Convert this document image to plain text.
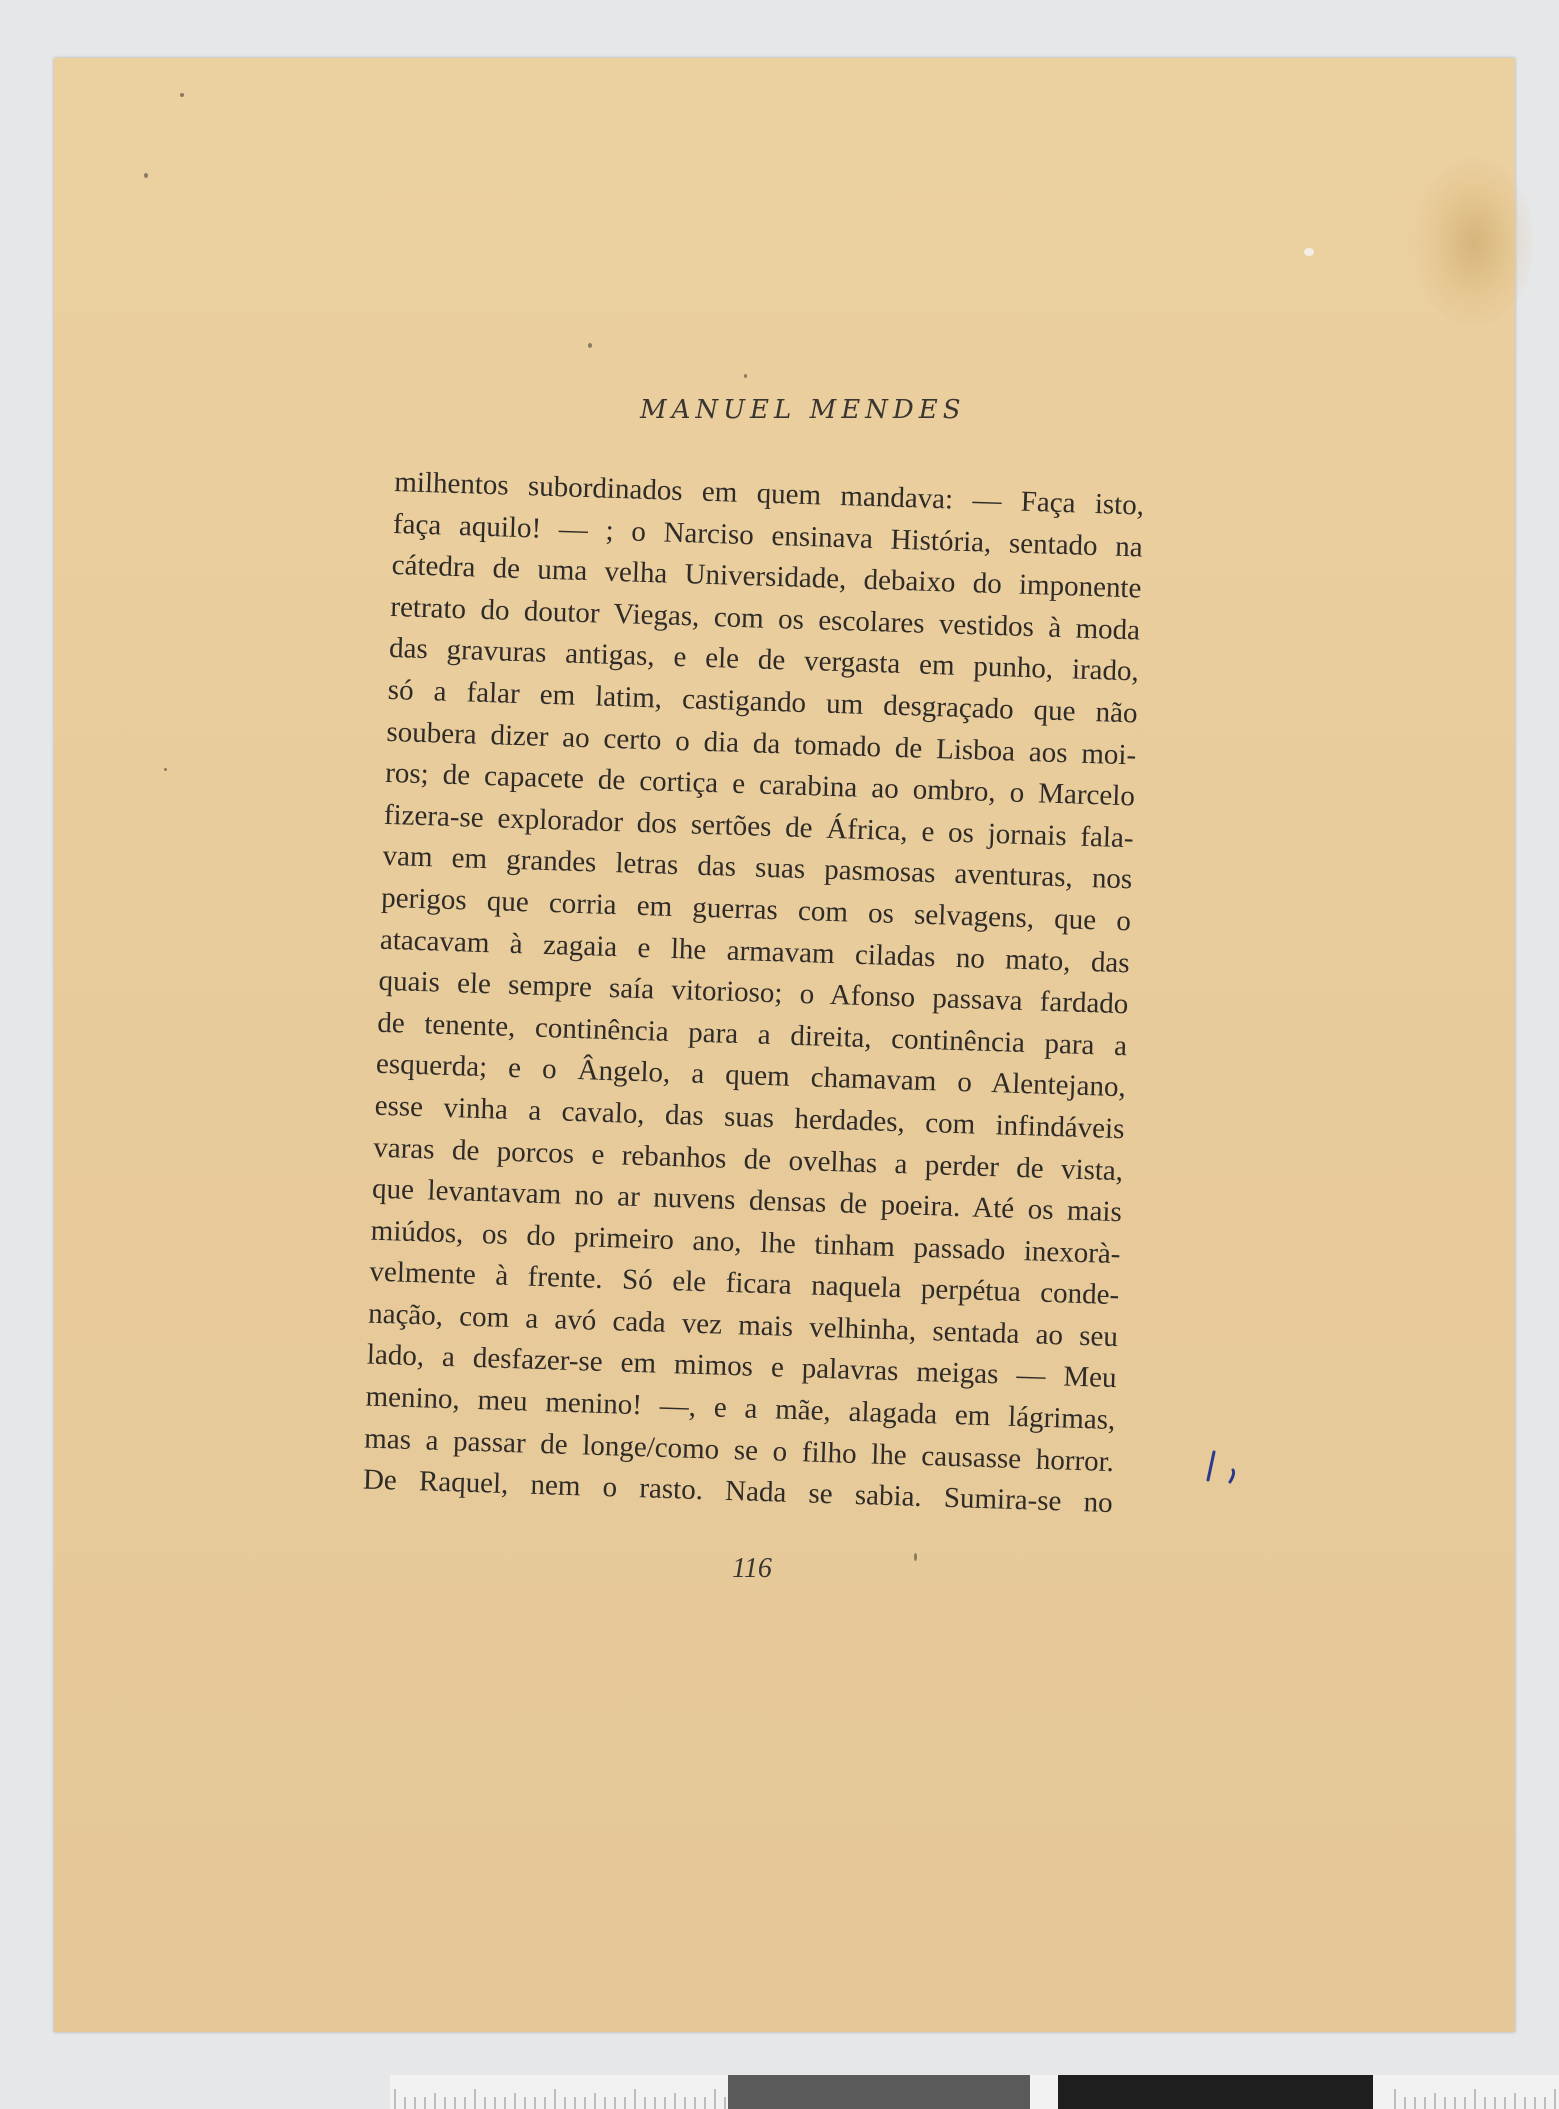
MANUEL MENDES
milhentos subordinados em quem mandava: — Faça isto,
faça aquilo! — ; o Narciso ensinava História, sentado na
cátedra de uma velha Universidade, debaixo do imponente
retrato do doutor Viegas, com os escolares vestidos à moda
das gravuras antigas, e ele de vergasta em punho, irado,
só a falar em latim, castigando um desgraçado que não
soubera dizer ao certo o dia da tomado de Lisboa aos moi-
ros; de capacete de cortiça e carabina ao ombro, o Marcelo
fizera-se explorador dos sertões de África, e os jornais fala-
vam em grandes letras das suas pasmosas aventuras, nos
perigos que corria em guerras com os selvagens, que o
atacavam à zagaia e lhe armavam ciladas no mato, das
quais ele sempre saía vitorioso; o Afonso passava fardado
de tenente, continência para a direita, continência para a
esquerda; e o Ângelo, a quem chamavam o Alentejano,
esse vinha a cavalo, das suas herdades, com infindáveis
varas de porcos e rebanhos de ovelhas a perder de vista,
que levantavam no ar nuvens densas de poeira. Até os mais
miúdos, os do primeiro ano, lhe tinham passado inexorà-
velmente à frente. Só ele ficara naquela perpétua conde-
nação, com a avó cada vez mais velhinha, sentada ao seu
lado, a desfazer-se em mimos e palavras meigas — Meu
menino, meu menino! —, e a mãe, alagada em lágrimas,
mas a passar de longe/como se o filho lhe causasse horror.
De Raquel, nem o rasto. Nada se sabia. Sumira-se no
116
